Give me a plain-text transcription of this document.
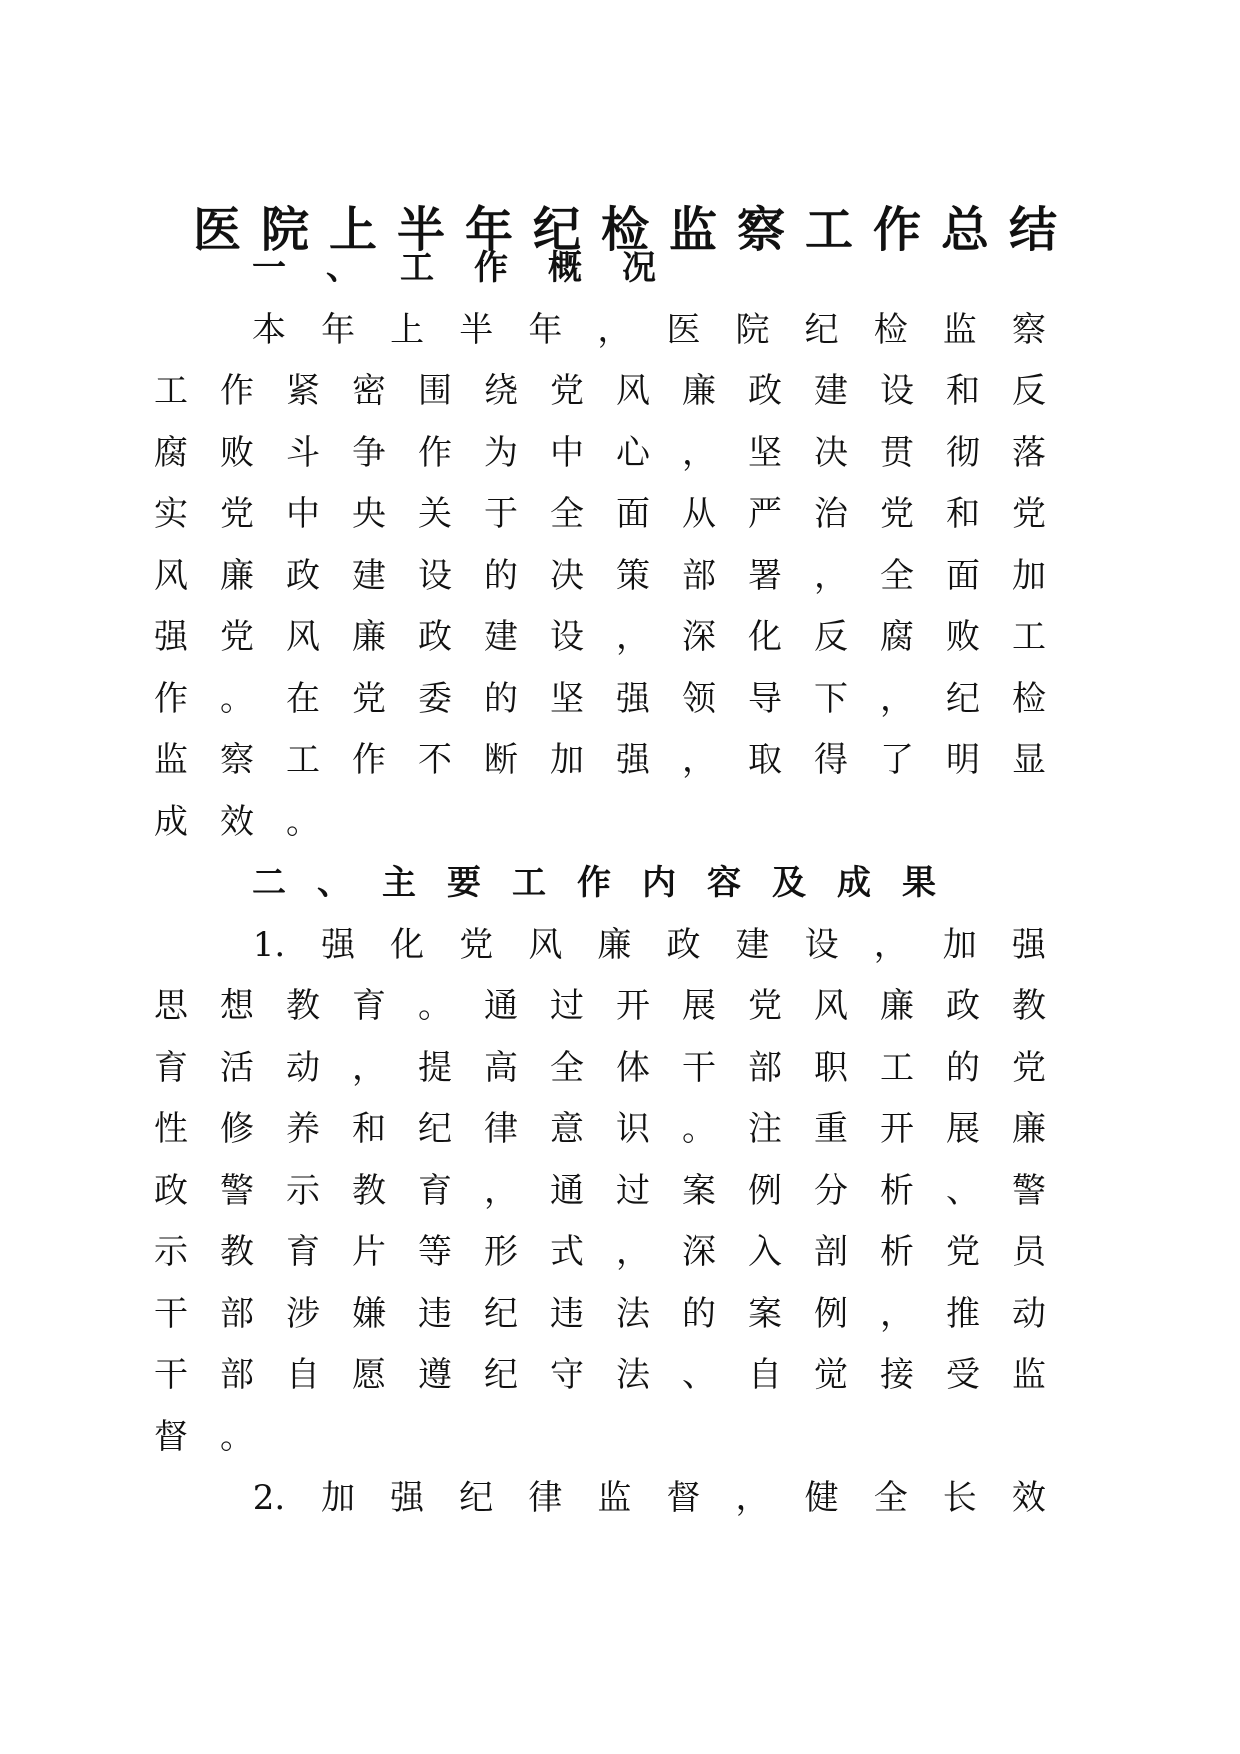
医院上半年纪检监察工作总结
一 、 工 作 概 况
本 年 上 半 年 ， 医 院 纪 检 监 察
工 作 紧 密 围 绕 党 风 廉 政 建 设 和 反
腐 败 斗 争 作 为 中 心 ， 坚 决 贯 彻 落
实 党 中 央 关 于 全 面 从 严 治 党 和 党
风 廉 政 建 设 的 决 策 部 署 ， 全 面 加
强 党 风 廉 政 建 设 ， 深 化 反 腐 败 工
作 。 在 党 委 的 坚 强 领 导 下 ， 纪 检
监 察 工 作 不 断 加 强 ， 取 得 了 明 显
成 效 。
二 、 主 要 工 作 内 容 及 成 果
1. 强 化 党 风 廉 政 建 设 ， 加 强
思 想 教 育 。 通 过 开 展 党 风 廉 政 教
育 活 动 ， 提 高 全 体 干 部 职 工 的 党
性 修 养 和 纪 律 意 识 。 注 重 开 展 廉
政 警 示 教 育 ， 通 过 案 例 分 析 、 警
示 教 育 片 等 形 式 ， 深 入 剖 析 党 员
干 部 涉 嫌 违 纪 违 法 的 案 例 ， 推 动
干 部 自 愿 遵 纪 守 法 、 自 觉 接 受 监
督 。
2. 加 强 纪 律 监 督 ， 健 全 长 效
